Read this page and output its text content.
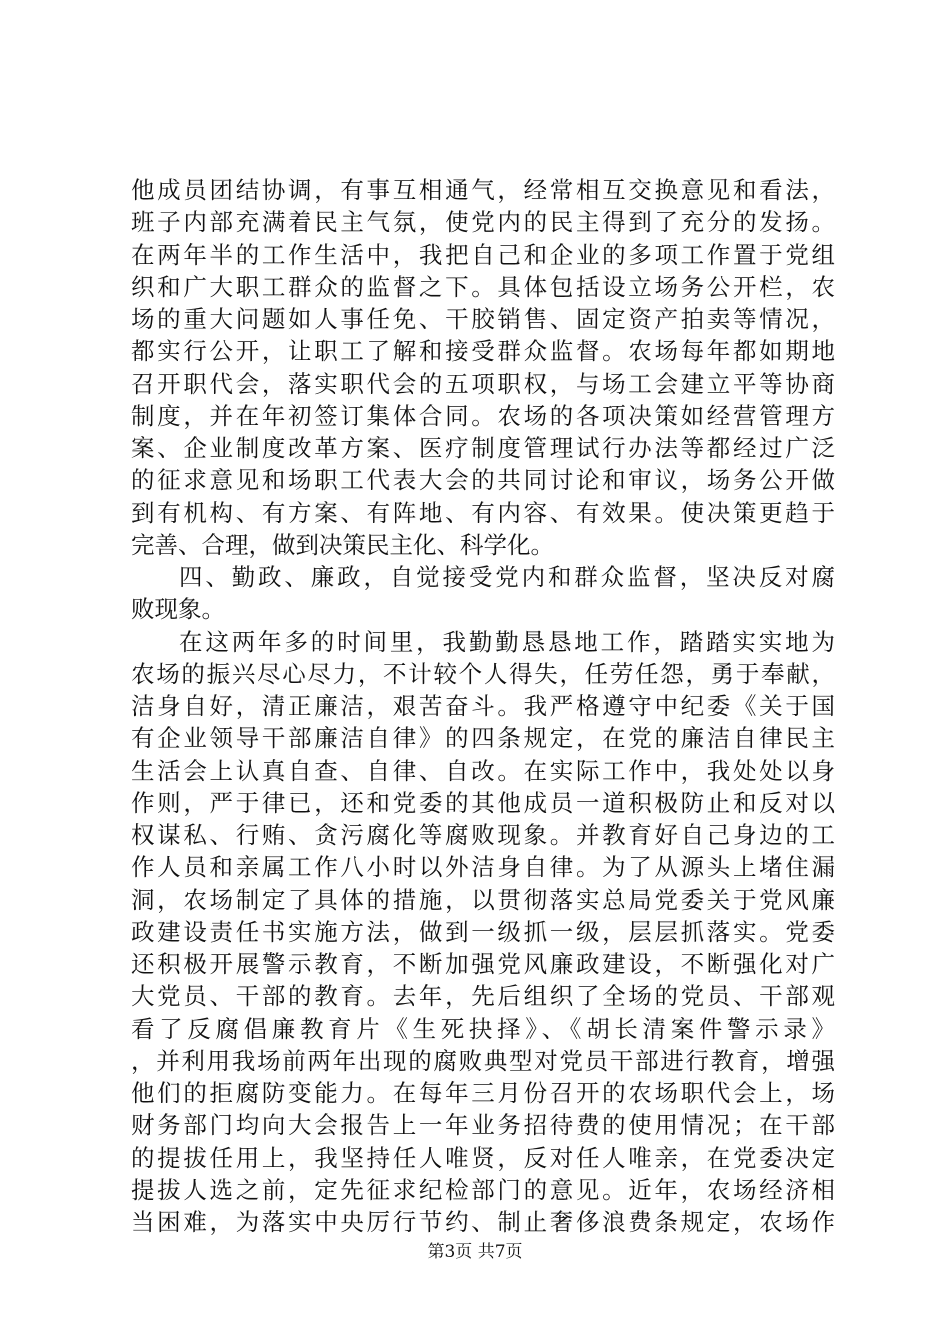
他成员团结协调，有事互相通气，经常相互交换意见和看法，
班子内部充满着民主气氛，使党内的民主得到了充分的发扬。
在两年半的工作生活中，我把自己和企业的多项工作置于党组
织和广大职工群众的监督之下。具体包括设立场务公开栏，农
场的重大问题如人事任免、干胶销售、固定资产拍卖等情况，
都实行公开，让职工了解和接受群众监督。农场每年都如期地
召开职代会，落实职代会的五项职权，与场工会建立平等协商
制度，并在年初签订集体合同。农场的各项决策如经营管理方
案、企业制度改革方案、医疗制度管理试行办法等都经过广泛
的征求意见和场职工代表大会的共同讨论和审议，场务公开做
到有机构、有方案、有阵地、有内容、有效果。使决策更趋于
完善、合理，做到决策民主化、科学化。
四、勤政、廉政，自觉接受党内和群众监督，坚决反对腐
败现象。
在这两年多的时间里，我勤勤恳恳地工作，踏踏实实地为
农场的振兴尽心尽力，不计较个人得失，任劳任怨，勇于奉献，
洁身自好，清正廉洁，艰苦奋斗。我严格遵守中纪委《关于国
有企业领导干部廉洁自律》的四条规定，在党的廉洁自律民主
生活会上认真自查、自律、自改。在实际工作中，我处处以身
作则，严于律已，还和党委的其他成员一道积极防止和反对以
权谋私、行贿、贪污腐化等腐败现象。并教育好自己身边的工
作人员和亲属工作八小时以外洁身自律。为了从源头上堵住漏
洞，农场制定了具体的措施，以贯彻落实总局党委关于党风廉
政建设责任书实施方法，做到一级抓一级，层层抓落实。党委
还积极开展警示教育，不断加强党风廉政建设，不断强化对广
大党员、干部的教育。去年，先后组织了全场的党员、干部观
看了反腐倡廉教育片《生死抉择》、《胡长清案件警示录》
，并利用我场前两年出现的腐败典型对党员干部进行教育，增强
他们的拒腐防变能力。在每年三月份召开的农场职代会上，场
财务部门均向大会报告上一年业务招待费的使用情况；在干部
的提拔任用上，我坚持任人唯贤，反对任人唯亲，在党委决定
提拔人选之前，定先征求纪检部门的意见。近年，农场经济相
当困难，为落实中央厉行节约、制止奢侈浪费条规定，农场作
第3页 共7页
